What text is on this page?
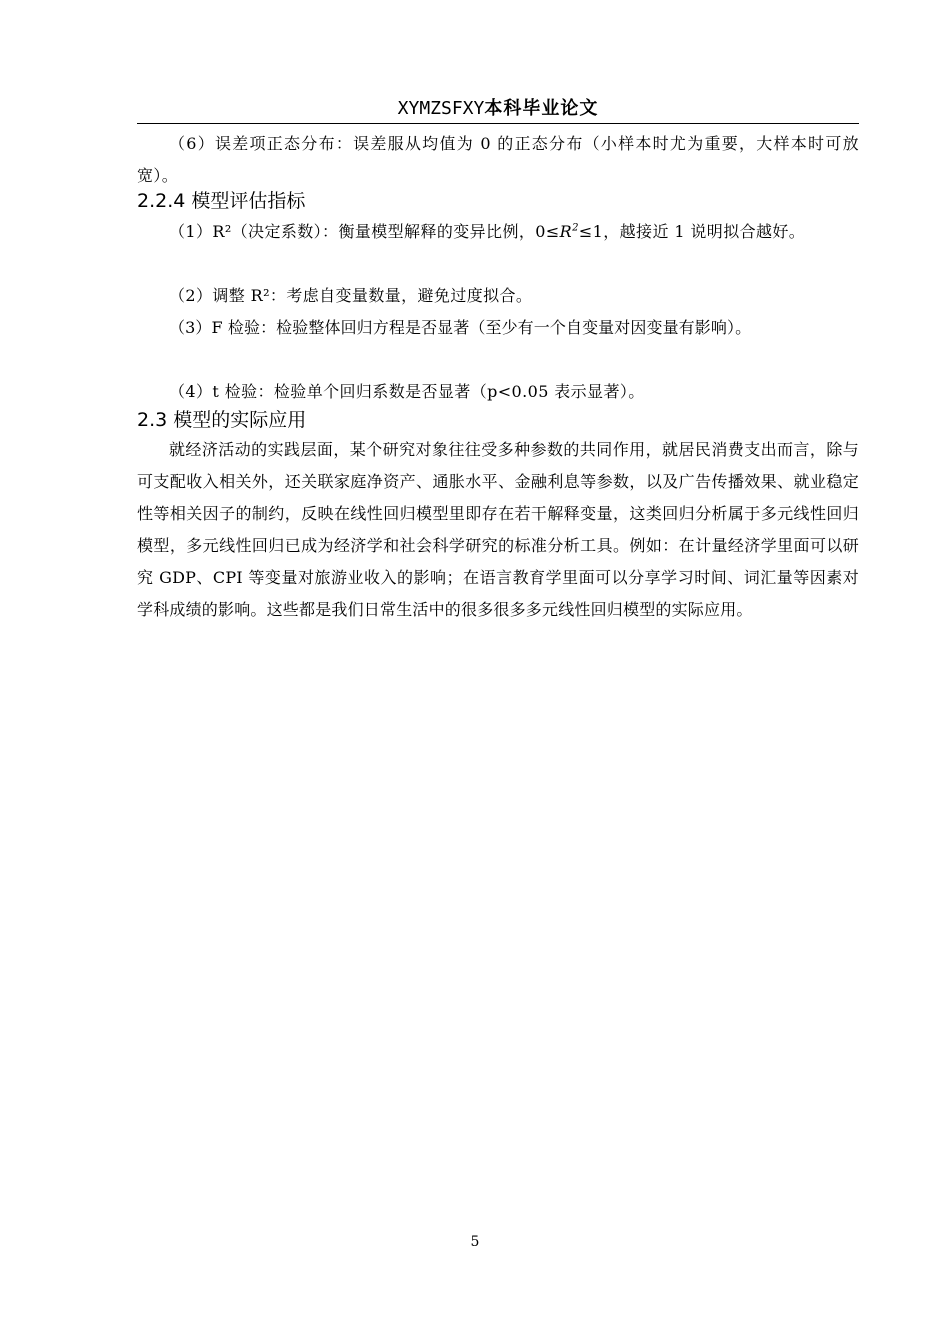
XYMZSFXY本科毕业论文

（6）误差项正态分布：误差服从均值为 0 的正态分布（小样本时尤为重要，大样本时可放宽）。

2.2.4 模型评估指标

（1）R²（决定系数）：衡量模型解释的变异比例，$0\le R^2\le 1$，越接近 1 说明拟合越好。

（2）调整 R²：考虑自变量数量，避免过度拟合。

（3）F 检验：检验整体回归方程是否显著（至少有一个自变量对因变量有影响）。

（4）t 检验：检验单个回归系数是否显著（p<0.05 表示显著）。

2.3 模型的实际应用

就经济活动的实践层面，某个研究对象往往受多种参数的共同作用，就居民消费支出而言，除与可支配收入相关外，还关联家庭净资产、通胀水平、金融利息等参数，以及广告传播效果、就业稳定性等相关因子的制约，反映在线性回归模型里即存在若干解释变量，这类回归分析属于多元线性回归模型，多元线性回归已成为经济学和社会科学研究的标准分析工具。例如：在计量经济学里面可以研究 GDP、CPI 等变量对旅游业收入的影响；在语言教育学里面可以分享学习时间、词汇量等因素对学科成绩的影响。这些都是我们日常生活中的很多很多多元线性回归模型的实际应用。

5
